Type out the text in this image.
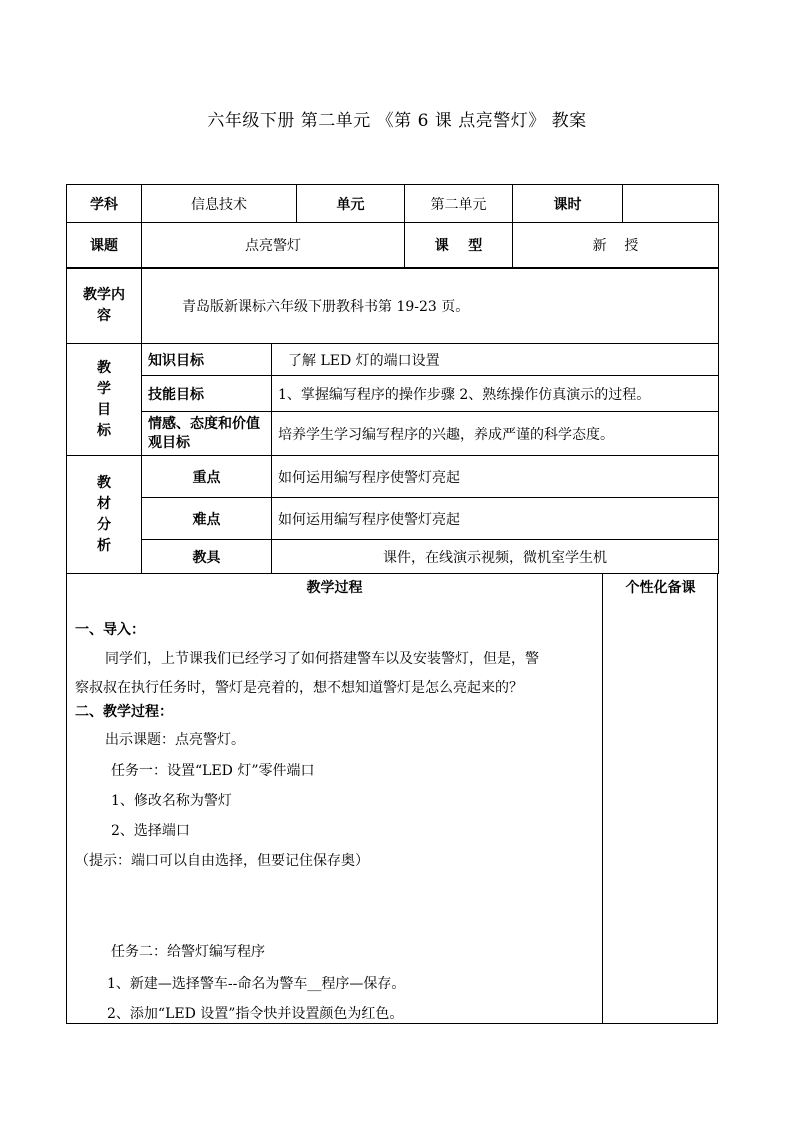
六年级下册 第二单元 《第 6 课 点亮警灯》 教案
学科	信息技术	单元	第二单元	课时	
课题	点亮警灯		课    型	新    授	
教学内容	青岛版新课标六年级下册教科书第 19-23 页。
教学目标	知识目标	了解 LED 灯的端口设置
	技能目标	1、掌握编写程序的操作步骤 2、熟练操作仿真演示的过程。
	情感、态度和价值观目标	培养学生学习编写程序的兴趣，养成严谨的科学态度。
教材分析	重点	如何运用编写程序使警灯亮起
	难点	如何运用编写程序使警灯亮起
	教具	课件，在线演示视频，微机室学生机
教学过程	个性化备课
一、导入：
同学们，上节课我们已经学习了如何搭建警车以及安装警灯，但是，警
察叔叔在执行任务时，警灯是亮着的，想不想知道警灯是怎么亮起来的？
二、教学过程：
出示课题：点亮警灯。
任务一：设置“LED 灯”零件端口
1、修改名称为警灯
2、选择端口
（提示：端口可以自由选择，但要记住保存奥）
任务二：给警灯编写程序
1、新建—选择警车--命名为警车__程序—保存。
2、添加“LED 设置”指令快并设置颜色为红色。
